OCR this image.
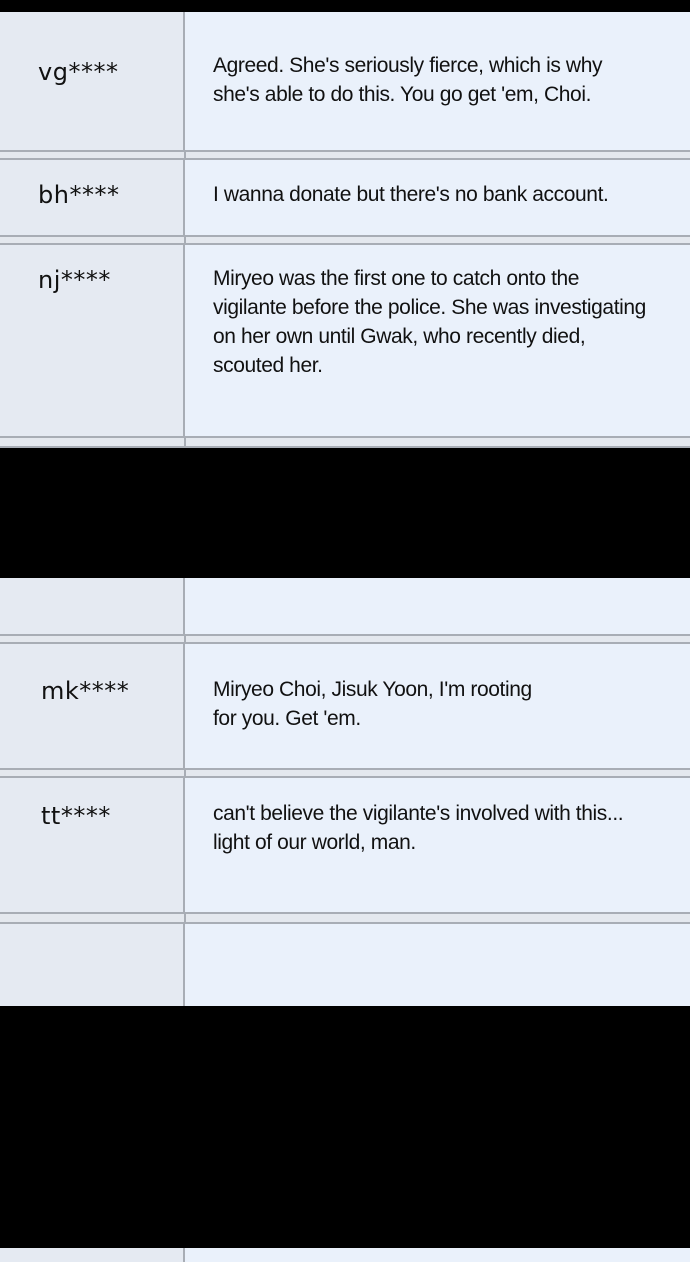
vg****	Agreed. She's seriously fierce, which is why she's able to do this. You go get 'em, Choi.
bh****	I wanna donate but there's no bank account.
nj****	Miryeo was the first one to catch onto the vigilante before the police. She was investigating on her own until Gwak, who recently died, scouted her.
mk****	Miryeo Choi, Jisuk Yoon, I'm rooting for you. Get 'em.
tt****	can't believe the vigilante's involved with this... light of our world, man.
